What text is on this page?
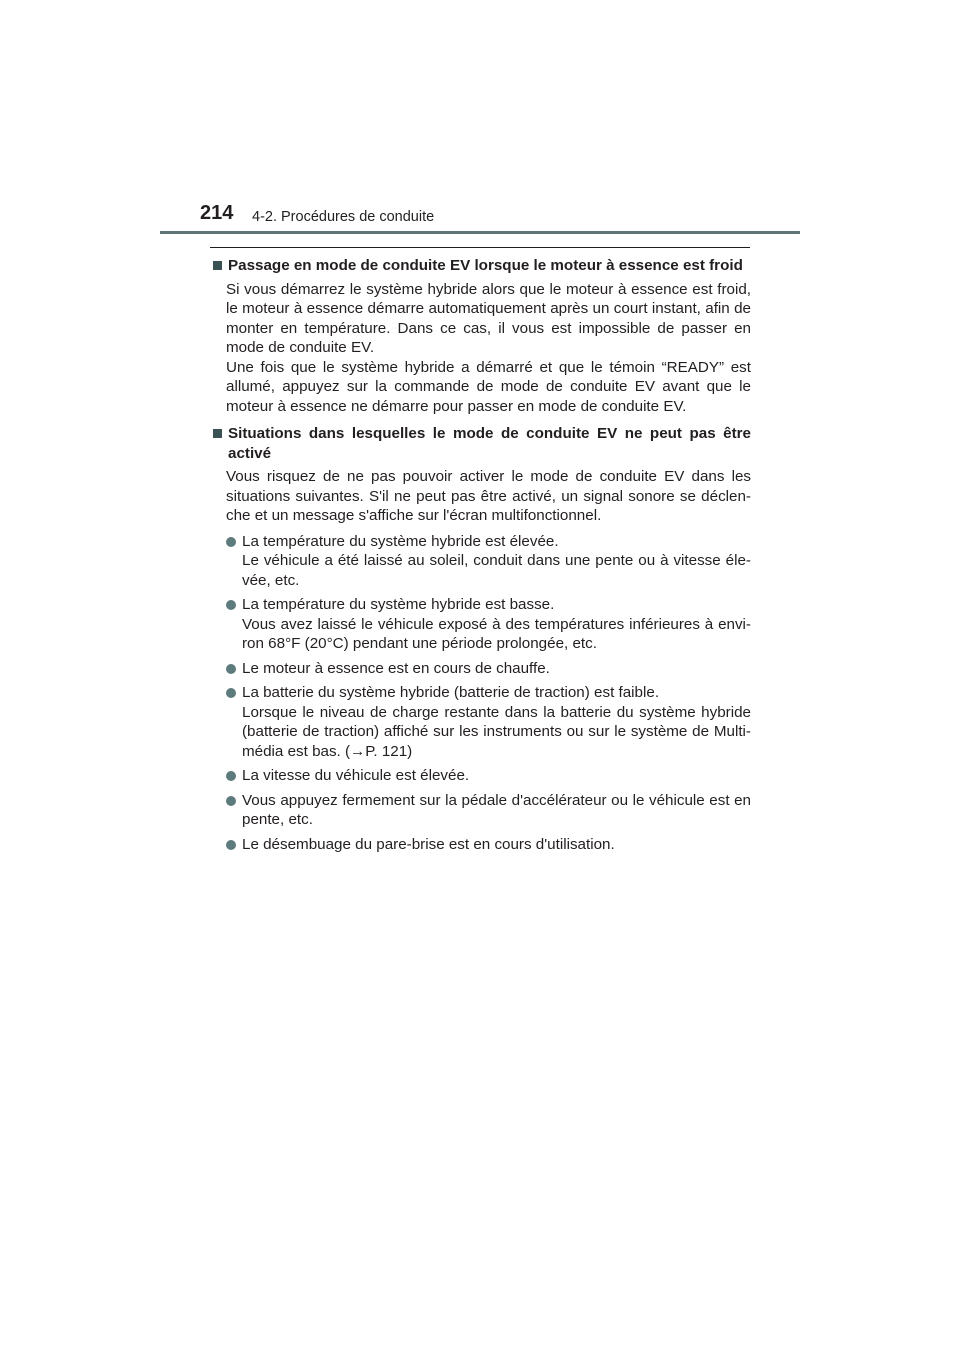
214 4-2. Procédures de conduite
Passage en mode de conduite EV lorsque le moteur à essence est froid
Si vous démarrez le système hybride alors que le moteur à essence est froid, le moteur à essence démarre automatiquement après un court instant, afin de monter en température. Dans ce cas, il vous est impossible de passer en mode de conduite EV.
Une fois que le système hybride a démarré et que le témoin “READY” est allumé, appuyez sur la commande de mode de conduite EV avant que le moteur à essence ne démarre pour passer en mode de conduite EV.
Situations dans lesquelles le mode de conduite EV ne peut pas être activé
Vous risquez de ne pas pouvoir activer le mode de conduite EV dans les situations suivantes. S'il ne peut pas être activé, un signal sonore se déclen-che et un message s'affiche sur l'écran multifonctionnel.
La température du système hybride est élevée.
Le véhicule a été laissé au soleil, conduit dans une pente ou à vitesse éle-vée, etc.
La température du système hybride est basse.
Vous avez laissé le véhicule exposé à des températures inférieures à envi-ron 68°F (20°C) pendant une période prolongée, etc.
Le moteur à essence est en cours de chauffe.
La batterie du système hybride (batterie de traction) est faible.
Lorsque le niveau de charge restante dans la batterie du système hybride (batterie de traction) affiché sur les instruments ou sur le système de Multi-média est bas. (→P. 121)
La vitesse du véhicule est élevée.
Vous appuyez fermement sur la pédale d'accélérateur ou le véhicule est en pente, etc.
Le désembuage du pare-brise est en cours d'utilisation.
